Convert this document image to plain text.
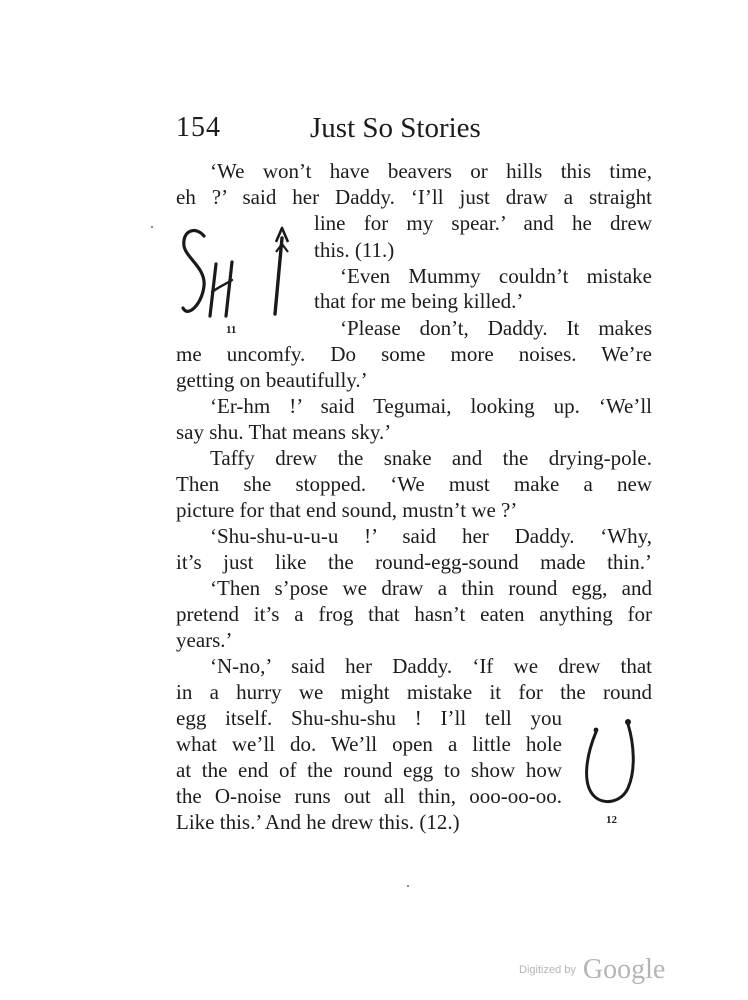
154	Just So Stories
‘We won’t have beavers or hills this time,
eh ?’ said her Daddy. ‘I’ll just draw a straight
line for my spear.’ and he drew
this. (11.)
‘Even Mummy couldn’t mistake
that for me being killed.’
‘Please don’t, Daddy. It makes
me uncomfy. Do some more noises. We’re
getting on beautifully.’
‘Er-hm !’ said Tegumai, looking up. ‘We’ll
say shu. That means sky.’
Taffy drew the snake and the drying-pole.
Then she stopped. ‘We must make a new
picture for that end sound, mustn’t we ?’
‘Shu-shu-u-u-u !’ said her Daddy. ‘Why,
it’s just like the round-egg-sound made thin.’
‘Then s’pose we draw a thin round egg, and
pretend it’s a frog that hasn’t eaten anything for
years.’
‘N-no,’ said her Daddy. ‘If we drew that
in a hurry we might mistake it for the round
egg itself. Shu-shu-shu ! I’ll tell you
what we’ll do. We’ll open a little hole
at the end of the round egg to show how
the O-noise runs out all thin, ooo-oo-oo.
Like this.’ And he drew this. (12.)
11
12
Digitized by Google
